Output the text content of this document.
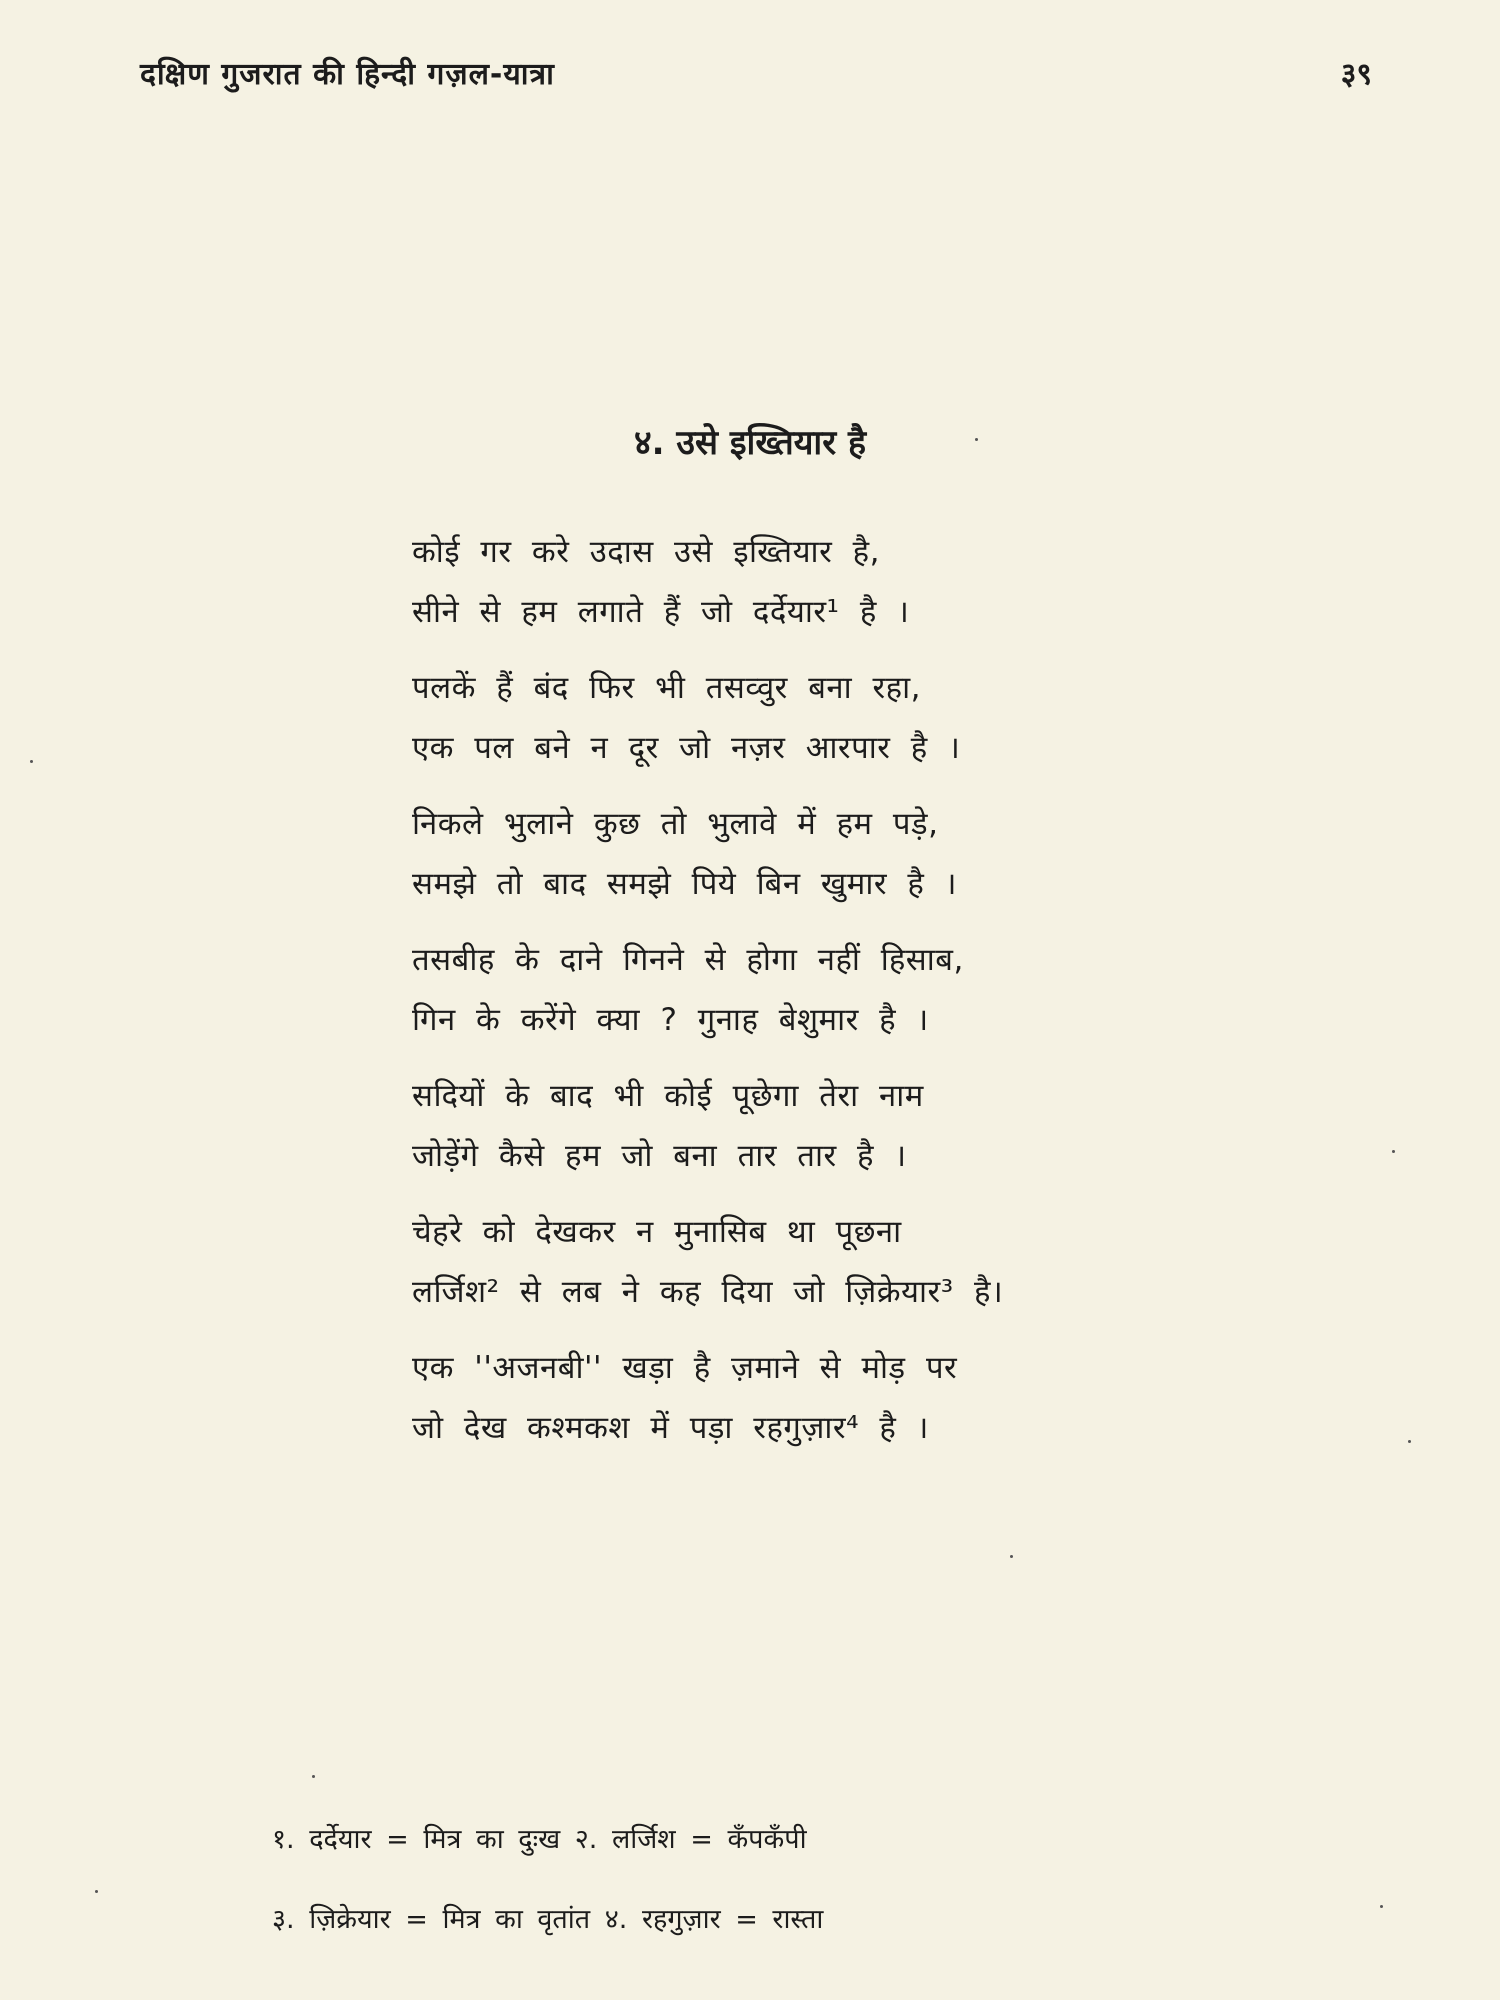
दक्षिण गुजरात की हिन्दी गज़ल-यात्रा	३९
४. उसे इख्तियार है
कोई गर करे उदास उसे इख्तियार है,
सीने से हम लगाते हैं जो दर्देयार¹ है ।
पलकें हैं बंद फिर भी तसव्वुर बना रहा,
एक पल बने न दूर जो नज़र आरपार है ।
निकले भुलाने कुछ तो भुलावे में हम पड़े,
समझे तो बाद समझे पिये बिन खुमार है ।
तसबीह के दाने गिनने से होगा नहीं हिसाब,
गिन के करेंगे क्या ? गुनाह बेशुमार है ।
सदियों के बाद भी कोई पूछेगा तेरा नाम
जोड़ेंगे कैसे हम जो बना तार तार है ।
चेहरे को देखकर न मुनासिब था पूछना
लर्जिश² से लब ने कह दिया जो ज़िक्रेयार³ है।
एक ''अजनबी'' खड़ा है ज़माने से मोड़ पर
जो देख कश्मकश में पड़ा रहगुज़ार⁴ है ।
१. दर्देयार = मित्र का दुःख २. लर्जिश = कँपकँपी
३. ज़िक्रेयार = मित्र का वृतांत ४. रहगुज़ार = रास्ता
